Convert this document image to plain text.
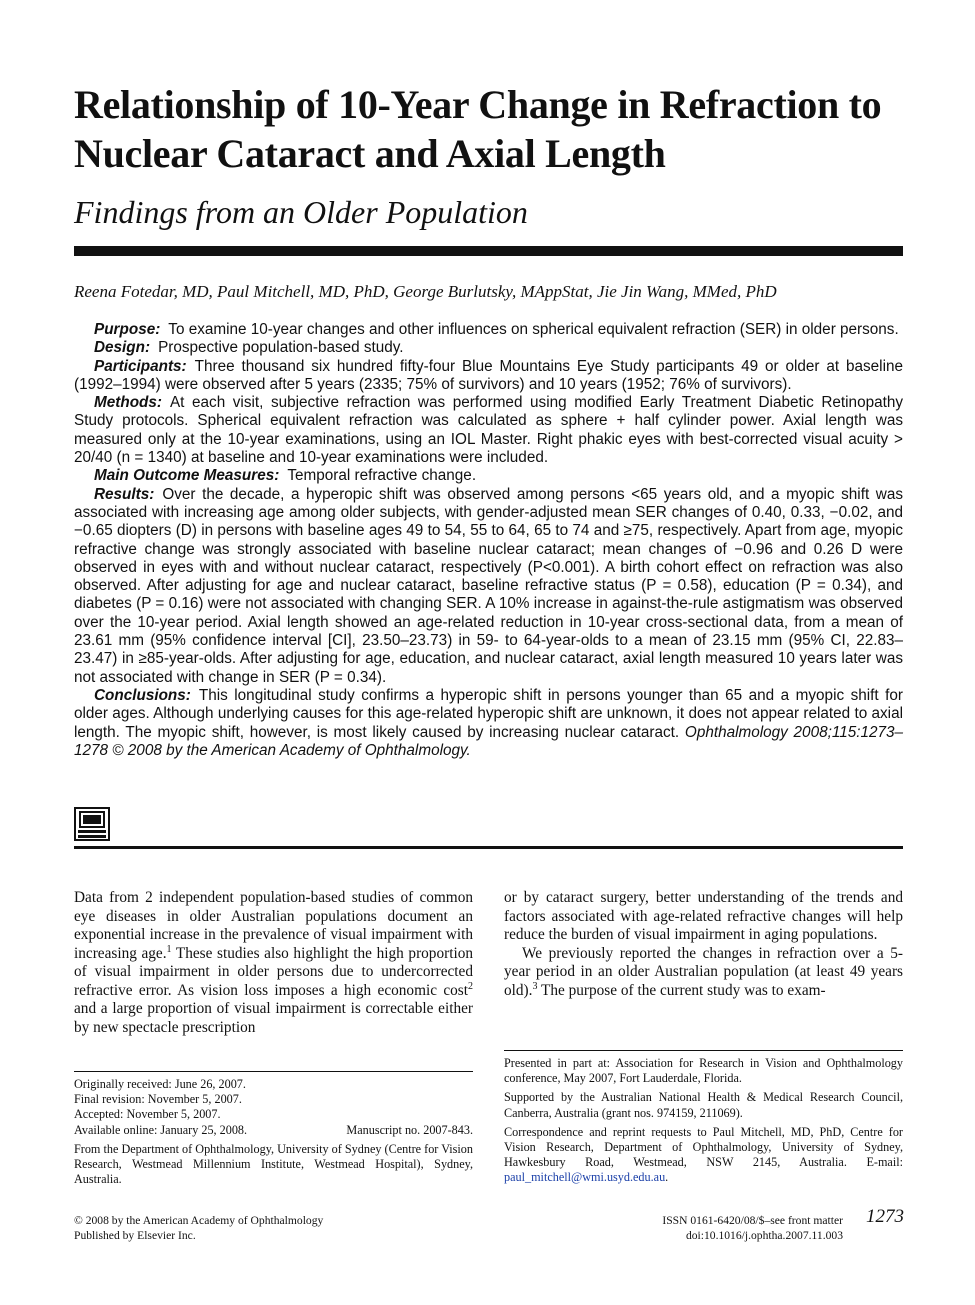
Relationship of 10-Year Change in Refraction to Nuclear Cataract and Axial Length
Findings from an Older Population
Reena Fotedar, MD, Paul Mitchell, MD, PhD, George Burlutsky, MAppStat, Jie Jin Wang, MMed, PhD

Purpose: To examine 10-year changes and other influences on spherical equivalent refraction (SER) in older persons.

Design: Prospective population-based study.

Participants: Three thousand six hundred fifty-four Blue Mountains Eye Study participants 49 or older at baseline (1992–1994) were observed after 5 years (2335; 75% of survivors) and 10 years (1952; 76% of survivors).

Methods: At each visit, subjective refraction was performed using modified Early Treatment Diabetic Retinopathy Study protocols. Spherical equivalent refraction was calculated as sphere + half cylinder power. Axial length was measured only at the 10-year examinations, using an IOL Master. Right phakic eyes with best-corrected visual acuity > 20/40 (n = 1340) at baseline and 10-year examinations were included.

Main Outcome Measures: Temporal refractive change.

Results: Over the decade, a hyperopic shift was observed among persons <65 years old, and a myopic shift was associated with increasing age among older subjects, with gender-adjusted mean SER changes of 0.40, 0.33, −0.02, and −0.65 diopters (D) in persons with baseline ages 49 to 54, 55 to 64, 65 to 74 and ≥75, respectively. Apart from age, myopic refractive change was strongly associated with baseline nuclear cataract; mean changes of −0.96 and 0.26 D were observed in eyes with and without nuclear cataract, respectively (P<0.001). A birth cohort effect on refraction was also observed. After adjusting for age and nuclear cataract, baseline refractive status (P = 0.58), education (P = 0.34), and diabetes (P = 0.16) were not associated with changing SER. A 10% increase in against-the-rule astigmatism was observed over the 10-year period. Axial length showed an age-related reduction in 10-year cross-sectional data, from a mean of 23.61 mm (95% confidence interval [CI], 23.50–23.73) in 59- to 64-year-olds to a mean of 23.15 mm (95% CI, 22.83–23.47) in ≥85-year-olds. After adjusting for age, education, and nuclear cataract, axial length measured 10 years later was not associated with change in SER (P = 0.34).

Conclusions: This longitudinal study confirms a hyperopic shift in persons younger than 65 and a myopic shift for older ages. Although underlying causes for this age-related hyperopic shift are unknown, it does not appear related to axial length. The myopic shift, however, is most likely caused by increasing nuclear cataract. Ophthalmology 2008;115:1273–1278 © 2008 by the American Academy of Ophthalmology.

Data from 2 independent population-based studies of common eye diseases in older Australian populations document an exponential increase in the prevalence of visual impairment with increasing age.$^1$ These studies also highlight the high proportion of visual impairment in older persons due to undercorrected refractive error. As vision loss imposes a high economic cost$^2$ and a large proportion of visual impairment is correctable either by new spectacle prescription

or by cataract surgery, better understanding of the trends and factors associated with age-related refractive changes will help reduce the burden of visual impairment in aging populations.

We previously reported the changes in refraction over a 5-year period in an older Australian population (at least 49 years old).$^3$ The purpose of the current study was to exam-

Originally received: June 26, 2007.
Final revision: November 5, 2007.
Accepted: November 5, 2007.
Available online: January 25, 2008.	Manuscript no. 2007-843.

From the Department of Ophthalmology, University of Sydney (Centre for Vision Research, Westmead Millennium Institute, Westmead Hospital), Sydney, Australia.

Presented in part at: Association for Research in Vision and Ophthalmology conference, May 2007, Fort Lauderdale, Florida.

Supported by the Australian National Health & Medical Research Council, Canberra, Australia (grant nos. 974159, 211069).

Correspondence and reprint requests to Paul Mitchell, MD, PhD, Centre for Vision Research, Department of Ophthalmology, University of Sydney, Hawkesbury Road, Westmead, NSW 2145, Australia. E-mail: paul_mitchell@wmi.usyd.edu.au.

© 2008 by the American Academy of Ophthalmology
Published by Elsevier Inc.
ISSN 0161-6420/08/$–see front matter
doi:10.1016/j.ophtha.2007.11.003
1273
